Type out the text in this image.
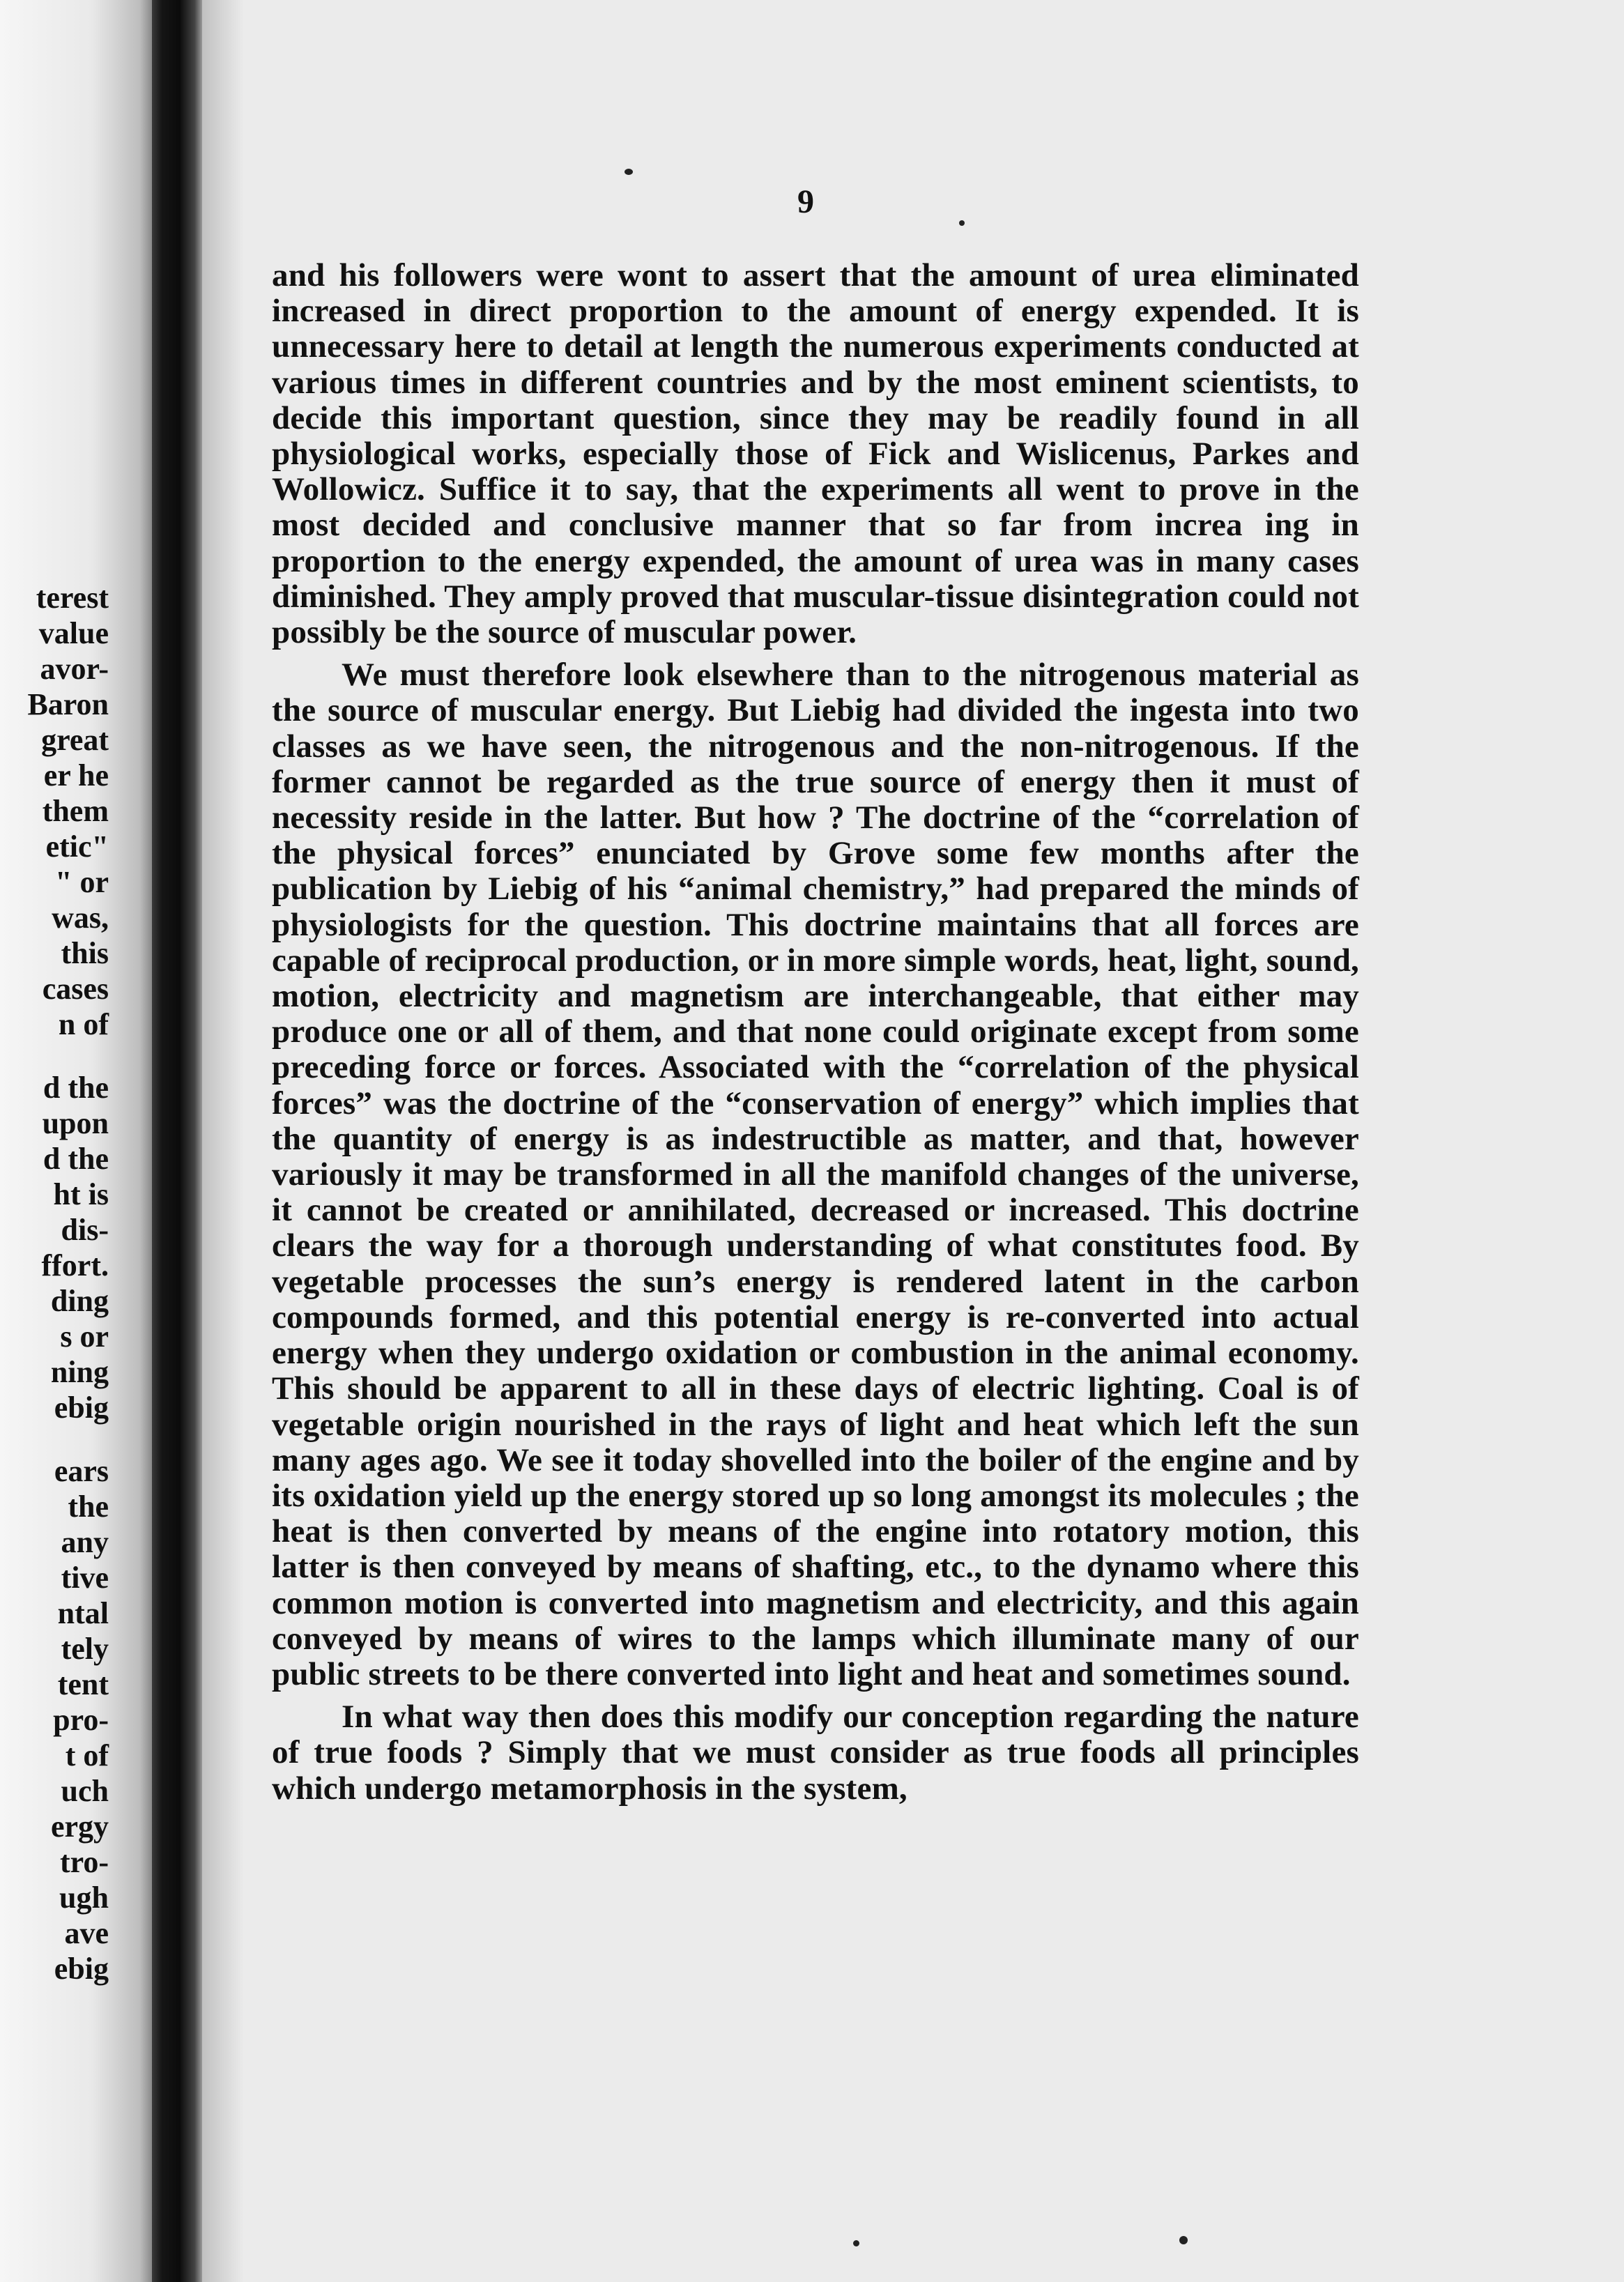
terest
value
avor-
Baron
great
er he
them
etic"
" or
was,
this
cases
n of
d the
upon
d the
ht is
dis-
ffort.
ding
s or
ning
ebig
ears
the
any
tive
ntal
tely
tent
pro-
t of
uch
ergy
tro-
ugh
ave
ebig
9

and his followers were wont to assert that the amount of urea eliminated increased in direct proportion to the amount of energy expended. It is unnecessary here to detail at length the numerous experiments conducted at various times in different countries and by the most eminent scientists, to decide this important question, since they may be readily found in all physiological works, especially those of Fick and Wislicenus, Parkes and Wollowicz. Suffice it to say, that the experiments all went to prove in the most decided and conclusive manner that so far from increa ing in proportion to the energy expended, the amount of urea was in many cases diminished. They amply proved that muscular-tissue disintegration could not possibly be the source of muscular power.

We must therefore look elsewhere than to the nitrogenous material as the source of muscular energy. But Liebig had divided the ingesta into two classes as we have seen, the nitrogenous and the non-nitrogenous. If the former cannot be regarded as the true source of energy then it must of necessity reside in the latter. But how ? The doctrine of the “correlation of the physical forces” enunciated by Grove some few months after the publication by Liebig of his “animal chemistry,” had prepared the minds of physiologists for the question. This doctrine maintains that all forces are capable of reciprocal production, or in more simple words, heat, light, sound, motion, electricity and magnetism are interchangeable, that either may produce one or all of them, and that none could originate except from some preceding force or forces. Associated with the “correlation of the physical forces” was the doctrine of the “conservation of energy” which implies that the quantity of energy is as indestructible as matter, and that, however variously it may be transformed in all the manifold changes of the universe, it cannot be created or annihilated, decreased or increased. This doctrine clears the way for a thorough understanding of what constitutes food. By vegetable processes the sun’s energy is rendered latent in the carbon compounds formed, and this potential energy is re-converted into actual energy when they undergo oxidation or combustion in the animal economy. This should be apparent to all in these days of electric lighting. Coal is of vegetable origin nourished in the rays of light and heat which left the sun many ages ago. We see it today shovelled into the boiler of the engine and by its oxidation yield up the energy stored up so long amongst its molecules ; the heat is then converted by means of the engine into rotatory motion, this latter is then conveyed by means of shafting, etc., to the dynamo where this common motion is converted into magnetism and electricity, and this again conveyed by means of wires to the lamps which illuminate many of our public streets to be there converted into light and heat and sometimes sound.

In what way then does this modify our conception regarding the nature of true foods ? Simply that we must consider as true foods all principles which undergo metamorphosis in the system,
